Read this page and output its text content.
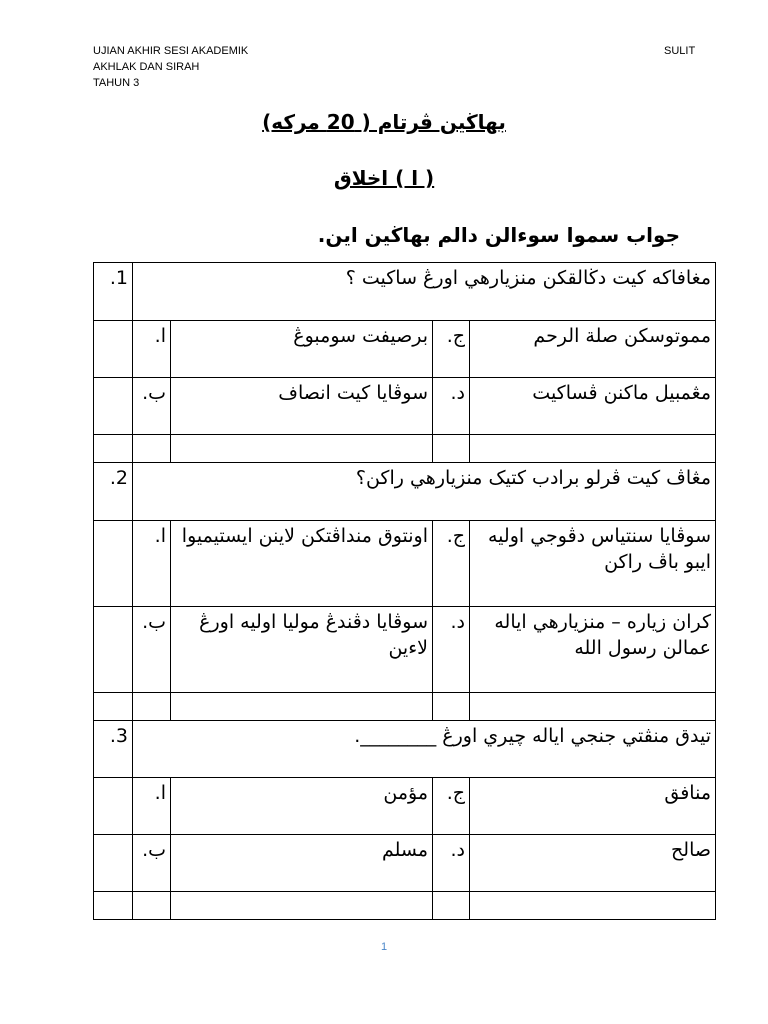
UJIAN AKHIR SESI AKADEMIK
AKHLAK DAN SIRAH
TAHUN 3
SULIT
بهاڬين ڤرتام ( 20 مركه)
( ا ) اخلاق
جواب سموا سوءالن دالم بهاڬين اين.
1.	مغافاكه كيت دڬالقكن منزيارهي اورڠ ساكيت ؟			
	ا.	برصيفت سومبوڠ	ج.	مموتوسكن صلة الرحم
	ب.	سوڤايا كيت انصاف	د.	مڠمبيل ماكنن ڤساكيت

2.	مڠاڤ كيت ڤرلو برادب كتيک منزيارهي راكن؟			
	ا.	اونتوق منداڤتكن لاينن ايستيميوا	ج.	سوڤايا سنتياس دڤوجي اوليه ايبو باڤ راكن
	ب.	سوڤايا دڤندڠ موليا اوليه اورڠ لاءين	د.	كران زياره – منزيارهي اياله عمالن رسول الله

3.	تيدق منڤتي جنجي اياله چيري اورڠ ________.			
	ا.	مؤمن	ج.	منافق
	ب.	مسلم	د.	صالح

1
